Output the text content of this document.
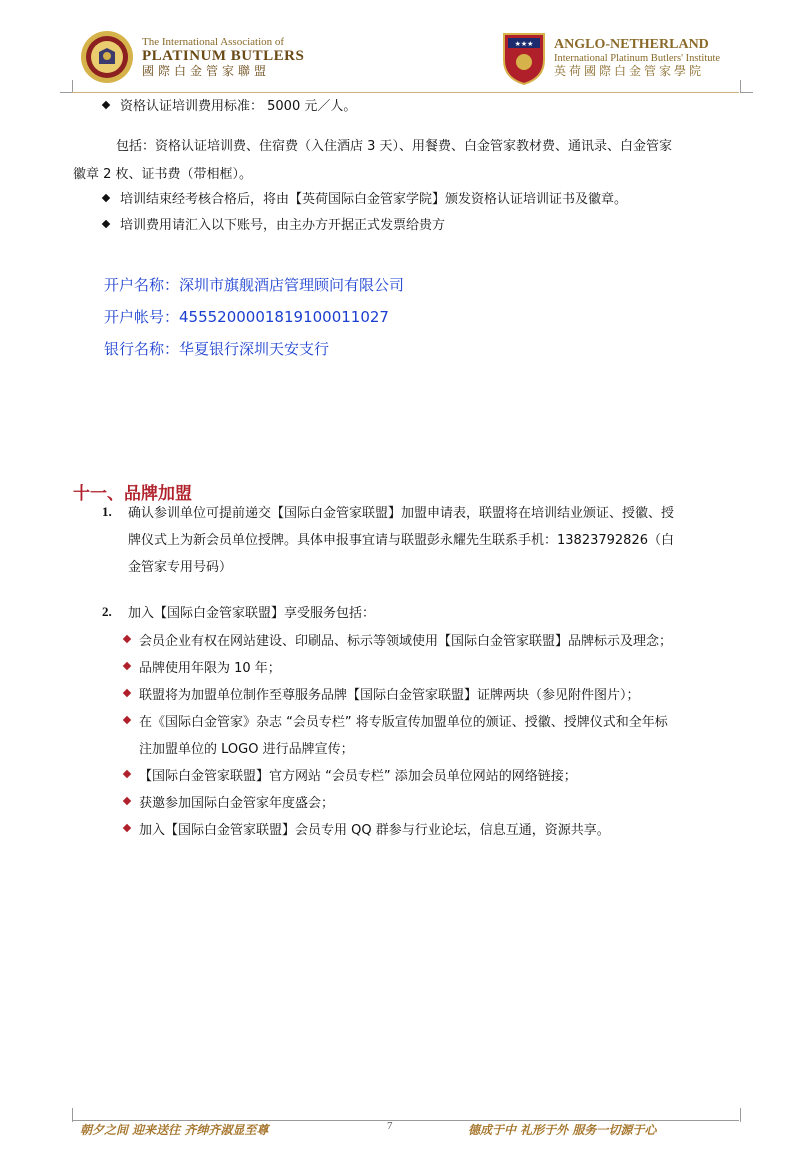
The International Association of
PLATINUM BUTLERS
國際白金管家聯盟
★★★ ANGLO-NETHERLAND
International Platinum Butlers' Institute
英荷國際白金管家學院
资格认证培训费用标准： 5000 元／人。
包括：资格认证培训费、住宿费（入住酒店 3 天）、用餐费、白金管家教材费、通讯录、白金管家
徽章 2 枚、证书费（带相框）。
培训结束经考核合格后，将由【英荷国际白金管家学院】颁发资格认证培训证书及徽章。
培训费用请汇入以下账号，由主办方开据正式发票给贵方
开户名称：深圳市旗舰酒店管理顾问有限公司
开户帐号：4555200001819100011027
银行名称：华夏银行深圳天安支行
十一、品牌加盟
1. 确认参训单位可提前递交【国际白金管家联盟】加盟申请表，联盟将在培训结业颁证、授徽、授
牌仪式上为新会员单位授牌。具体申报事宜请与联盟彭永耀先生联系手机：13823792826（白
金管家专用号码）
2. 加入【国际白金管家联盟】享受服务包括：
会员企业有权在网站建设、印刷品、标示等领域使用【国际白金管家联盟】品牌标示及理念；
品牌使用年限为 10 年；
联盟将为加盟单位制作至尊服务品牌【国际白金管家联盟】证牌两块（参见附件图片）；
在《国际白金管家》杂志 “会员专栏” 将专版宣传加盟单位的颁证、授徽、授牌仪式和全年标
注加盟单位的 LOGO 进行品牌宣传；
【国际白金管家联盟】官方网站 “会员专栏” 添加会员单位网站的网络链接；
获邀参加国际白金管家年度盛会；
加入【国际白金管家联盟】会员专用 QQ 群参与行业论坛，信息互通，资源共享。
朝夕之间 迎来送往 齐绅齐淑显至尊	7	德成于中 礼形于外 服务一切源于心
